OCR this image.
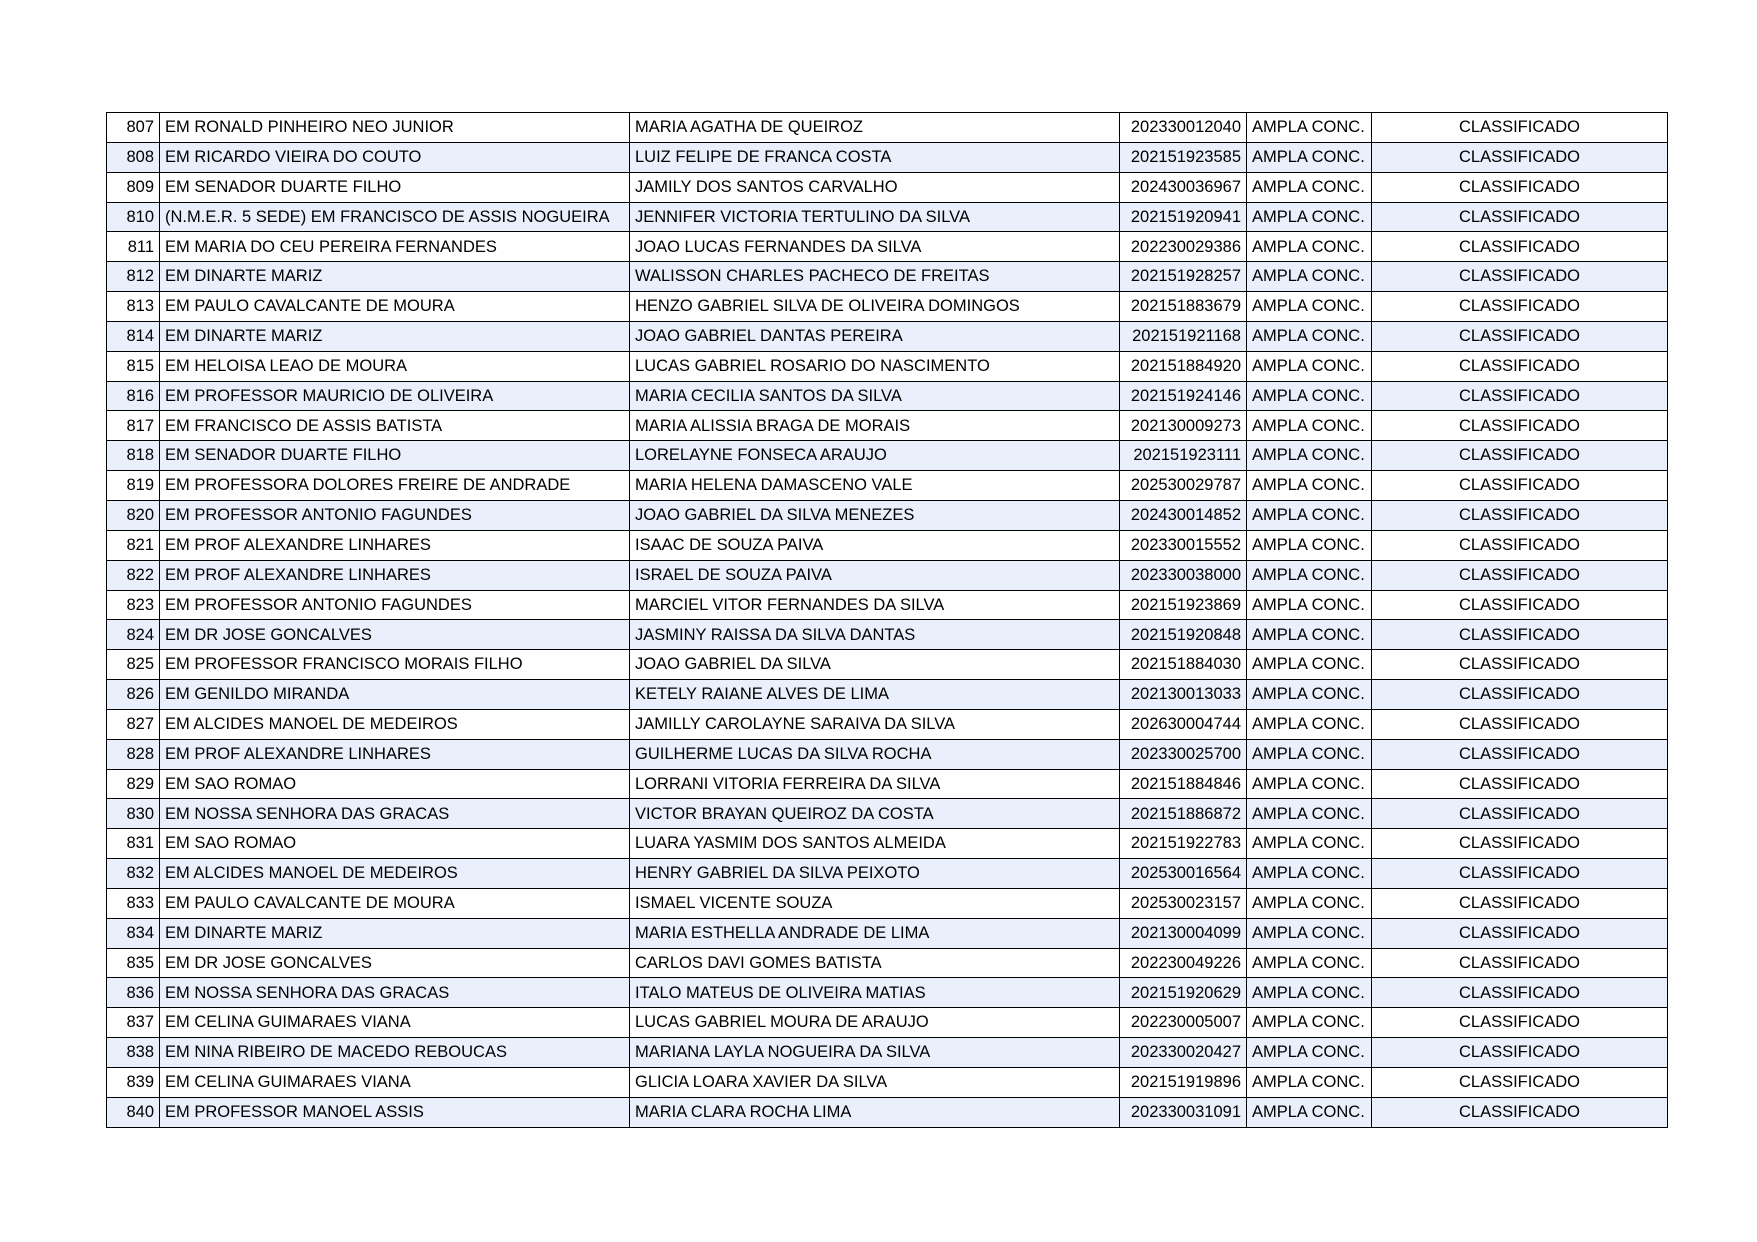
807	EM RONALD PINHEIRO NEO JUNIOR	MARIA AGATHA DE QUEIROZ	202330012040	AMPLA CONC.	CLASSIFICADO
808	EM RICARDO VIEIRA DO COUTO	LUIZ FELIPE DE FRANCA COSTA	202151923585	AMPLA CONC.	CLASSIFICADO
809	EM SENADOR DUARTE FILHO	JAMILY DOS SANTOS CARVALHO	202430036967	AMPLA CONC.	CLASSIFICADO
810	(N.M.E.R. 5 SEDE) EM FRANCISCO DE ASSIS NOGUEIRA	JENNIFER VICTORIA TERTULINO DA SILVA	202151920941	AMPLA CONC.	CLASSIFICADO
811	EM MARIA DO CEU PEREIRA FERNANDES	JOAO LUCAS FERNANDES DA SILVA	202230029386	AMPLA CONC.	CLASSIFICADO
812	EM DINARTE MARIZ	WALISSON CHARLES PACHECO DE FREITAS	202151928257	AMPLA CONC.	CLASSIFICADO
813	EM PAULO CAVALCANTE DE MOURA	HENZO GABRIEL SILVA DE OLIVEIRA DOMINGOS	202151883679	AMPLA CONC.	CLASSIFICADO
814	EM DINARTE MARIZ	JOAO GABRIEL DANTAS PEREIRA	202151921168	AMPLA CONC.	CLASSIFICADO
815	EM HELOISA LEAO DE MOURA	LUCAS GABRIEL ROSARIO DO NASCIMENTO	202151884920	AMPLA CONC.	CLASSIFICADO
816	EM PROFESSOR MAURICIO DE OLIVEIRA	MARIA CECILIA SANTOS DA SILVA	202151924146	AMPLA CONC.	CLASSIFICADO
817	EM FRANCISCO DE ASSIS BATISTA	MARIA ALISSIA BRAGA DE MORAIS	202130009273	AMPLA CONC.	CLASSIFICADO
818	EM SENADOR DUARTE FILHO	LORELAYNE FONSECA ARAUJO	202151923111	AMPLA CONC.	CLASSIFICADO
819	EM PROFESSORA DOLORES FREIRE DE ANDRADE	MARIA HELENA DAMASCENO VALE	202530029787	AMPLA CONC.	CLASSIFICADO
820	EM PROFESSOR ANTONIO FAGUNDES	JOAO GABRIEL DA SILVA MENEZES	202430014852	AMPLA CONC.	CLASSIFICADO
821	EM PROF ALEXANDRE LINHARES	ISAAC DE SOUZA PAIVA	202330015552	AMPLA CONC.	CLASSIFICADO
822	EM PROF ALEXANDRE LINHARES	ISRAEL DE SOUZA PAIVA	202330038000	AMPLA CONC.	CLASSIFICADO
823	EM PROFESSOR ANTONIO FAGUNDES	MARCIEL VITOR FERNANDES DA SILVA	202151923869	AMPLA CONC.	CLASSIFICADO
824	EM DR JOSE GONCALVES	JASMINY RAISSA DA SILVA DANTAS	202151920848	AMPLA CONC.	CLASSIFICADO
825	EM PROFESSOR FRANCISCO MORAIS FILHO	JOAO GABRIEL DA SILVA	202151884030	AMPLA CONC.	CLASSIFICADO
826	EM GENILDO MIRANDA	KETELY RAIANE ALVES DE LIMA	202130013033	AMPLA CONC.	CLASSIFICADO
827	EM ALCIDES MANOEL DE MEDEIROS	JAMILLY CAROLAYNE SARAIVA DA SILVA	202630004744	AMPLA CONC.	CLASSIFICADO
828	EM PROF ALEXANDRE LINHARES	GUILHERME LUCAS DA SILVA ROCHA	202330025700	AMPLA CONC.	CLASSIFICADO
829	EM SAO ROMAO	LORRANI VITORIA FERREIRA DA SILVA	202151884846	AMPLA CONC.	CLASSIFICADO
830	EM NOSSA SENHORA DAS GRACAS	VICTOR BRAYAN QUEIROZ DA COSTA	202151886872	AMPLA CONC.	CLASSIFICADO
831	EM SAO ROMAO	LUARA YASMIM DOS SANTOS ALMEIDA	202151922783	AMPLA CONC.	CLASSIFICADO
832	EM ALCIDES MANOEL DE MEDEIROS	HENRY GABRIEL DA SILVA PEIXOTO	202530016564	AMPLA CONC.	CLASSIFICADO
833	EM PAULO CAVALCANTE DE MOURA	ISMAEL VICENTE SOUZA	202530023157	AMPLA CONC.	CLASSIFICADO
834	EM DINARTE MARIZ	MARIA ESTHELLA ANDRADE DE LIMA	202130004099	AMPLA CONC.	CLASSIFICADO
835	EM DR JOSE GONCALVES	CARLOS DAVI GOMES BATISTA	202230049226	AMPLA CONC.	CLASSIFICADO
836	EM NOSSA SENHORA DAS GRACAS	ITALO MATEUS DE OLIVEIRA MATIAS	202151920629	AMPLA CONC.	CLASSIFICADO
837	EM CELINA GUIMARAES VIANA	LUCAS GABRIEL MOURA DE ARAUJO	202230005007	AMPLA CONC.	CLASSIFICADO
838	EM NINA RIBEIRO DE MACEDO REBOUCAS	MARIANA LAYLA NOGUEIRA DA SILVA	202330020427	AMPLA CONC.	CLASSIFICADO
839	EM CELINA GUIMARAES VIANA	GLICIA LOARA XAVIER DA SILVA	202151919896	AMPLA CONC.	CLASSIFICADO
840	EM PROFESSOR MANOEL ASSIS	MARIA CLARA ROCHA LIMA	202330031091	AMPLA CONC.	CLASSIFICADO
